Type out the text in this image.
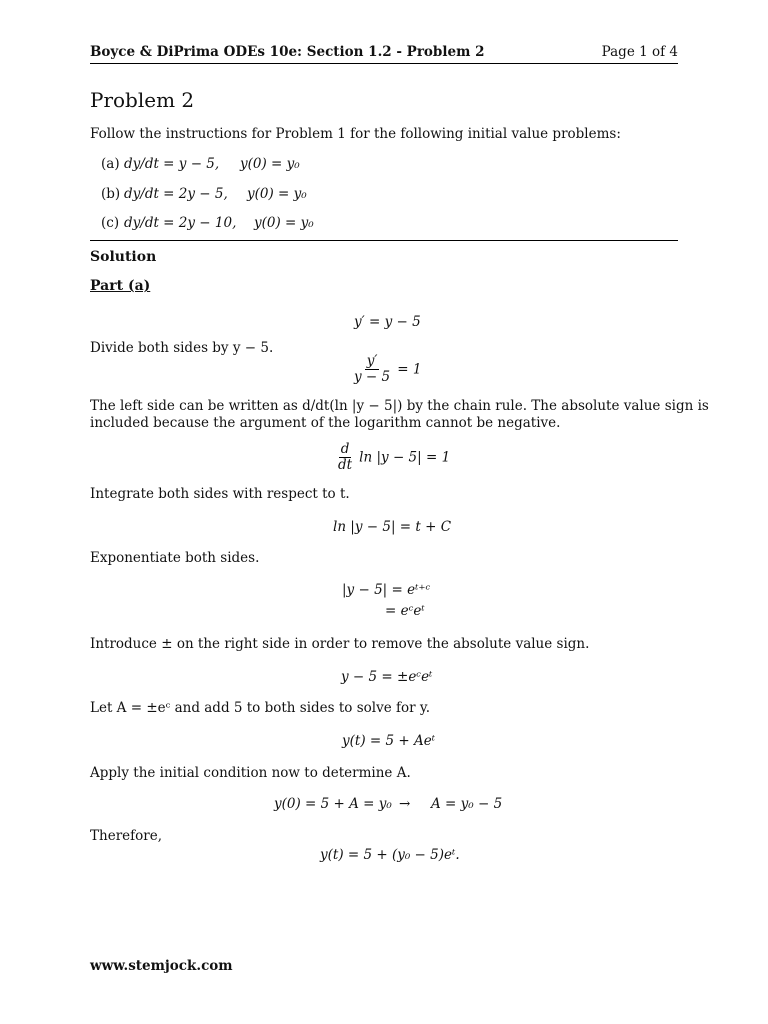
Boyce & DiPrima ODEs 10e: Section 1.2 - Problem 2	Page 1 of 4
Problem 2
Follow the instructions for Problem 1 for the following initial value problems:
(a) dy/dt = y − 5, y(0) = y₀
(b) dy/dt = 2y − 5, y(0) = y₀
(c) dy/dt = 2y − 10, y(0) = y₀
Solution
Part (a)
y′ = y − 5
Divide both sides by y − 5.
$\frac{y'}{y - 5} = 1$
The left side can be written as d/dt(ln |y − 5|) by the chain rule. The absolute value sign is
included because the argument of the logarithm cannot be negative.
$\frac{d}{dt}$ ln |y − 5| = 1
Integrate both sides with respect to t.
ln |y − 5| = t + C
Exponentiate both sides.
|y − 5| = eᵗ⁺ᶜ
= eᶜeᵗ
Introduce ± on the right side in order to remove the absolute value sign.
y − 5 = ±eᶜeᵗ
Let A = ±eᶜ and add 5 to both sides to solve for y.
y(t) = 5 + Aeᵗ
Apply the initial condition now to determine A.
y(0) = 5 + A = y₀ → A = y₀ − 5
Therefore,
y(t) = 5 + (y₀ − 5)eᵗ.
www.stemjock.com
